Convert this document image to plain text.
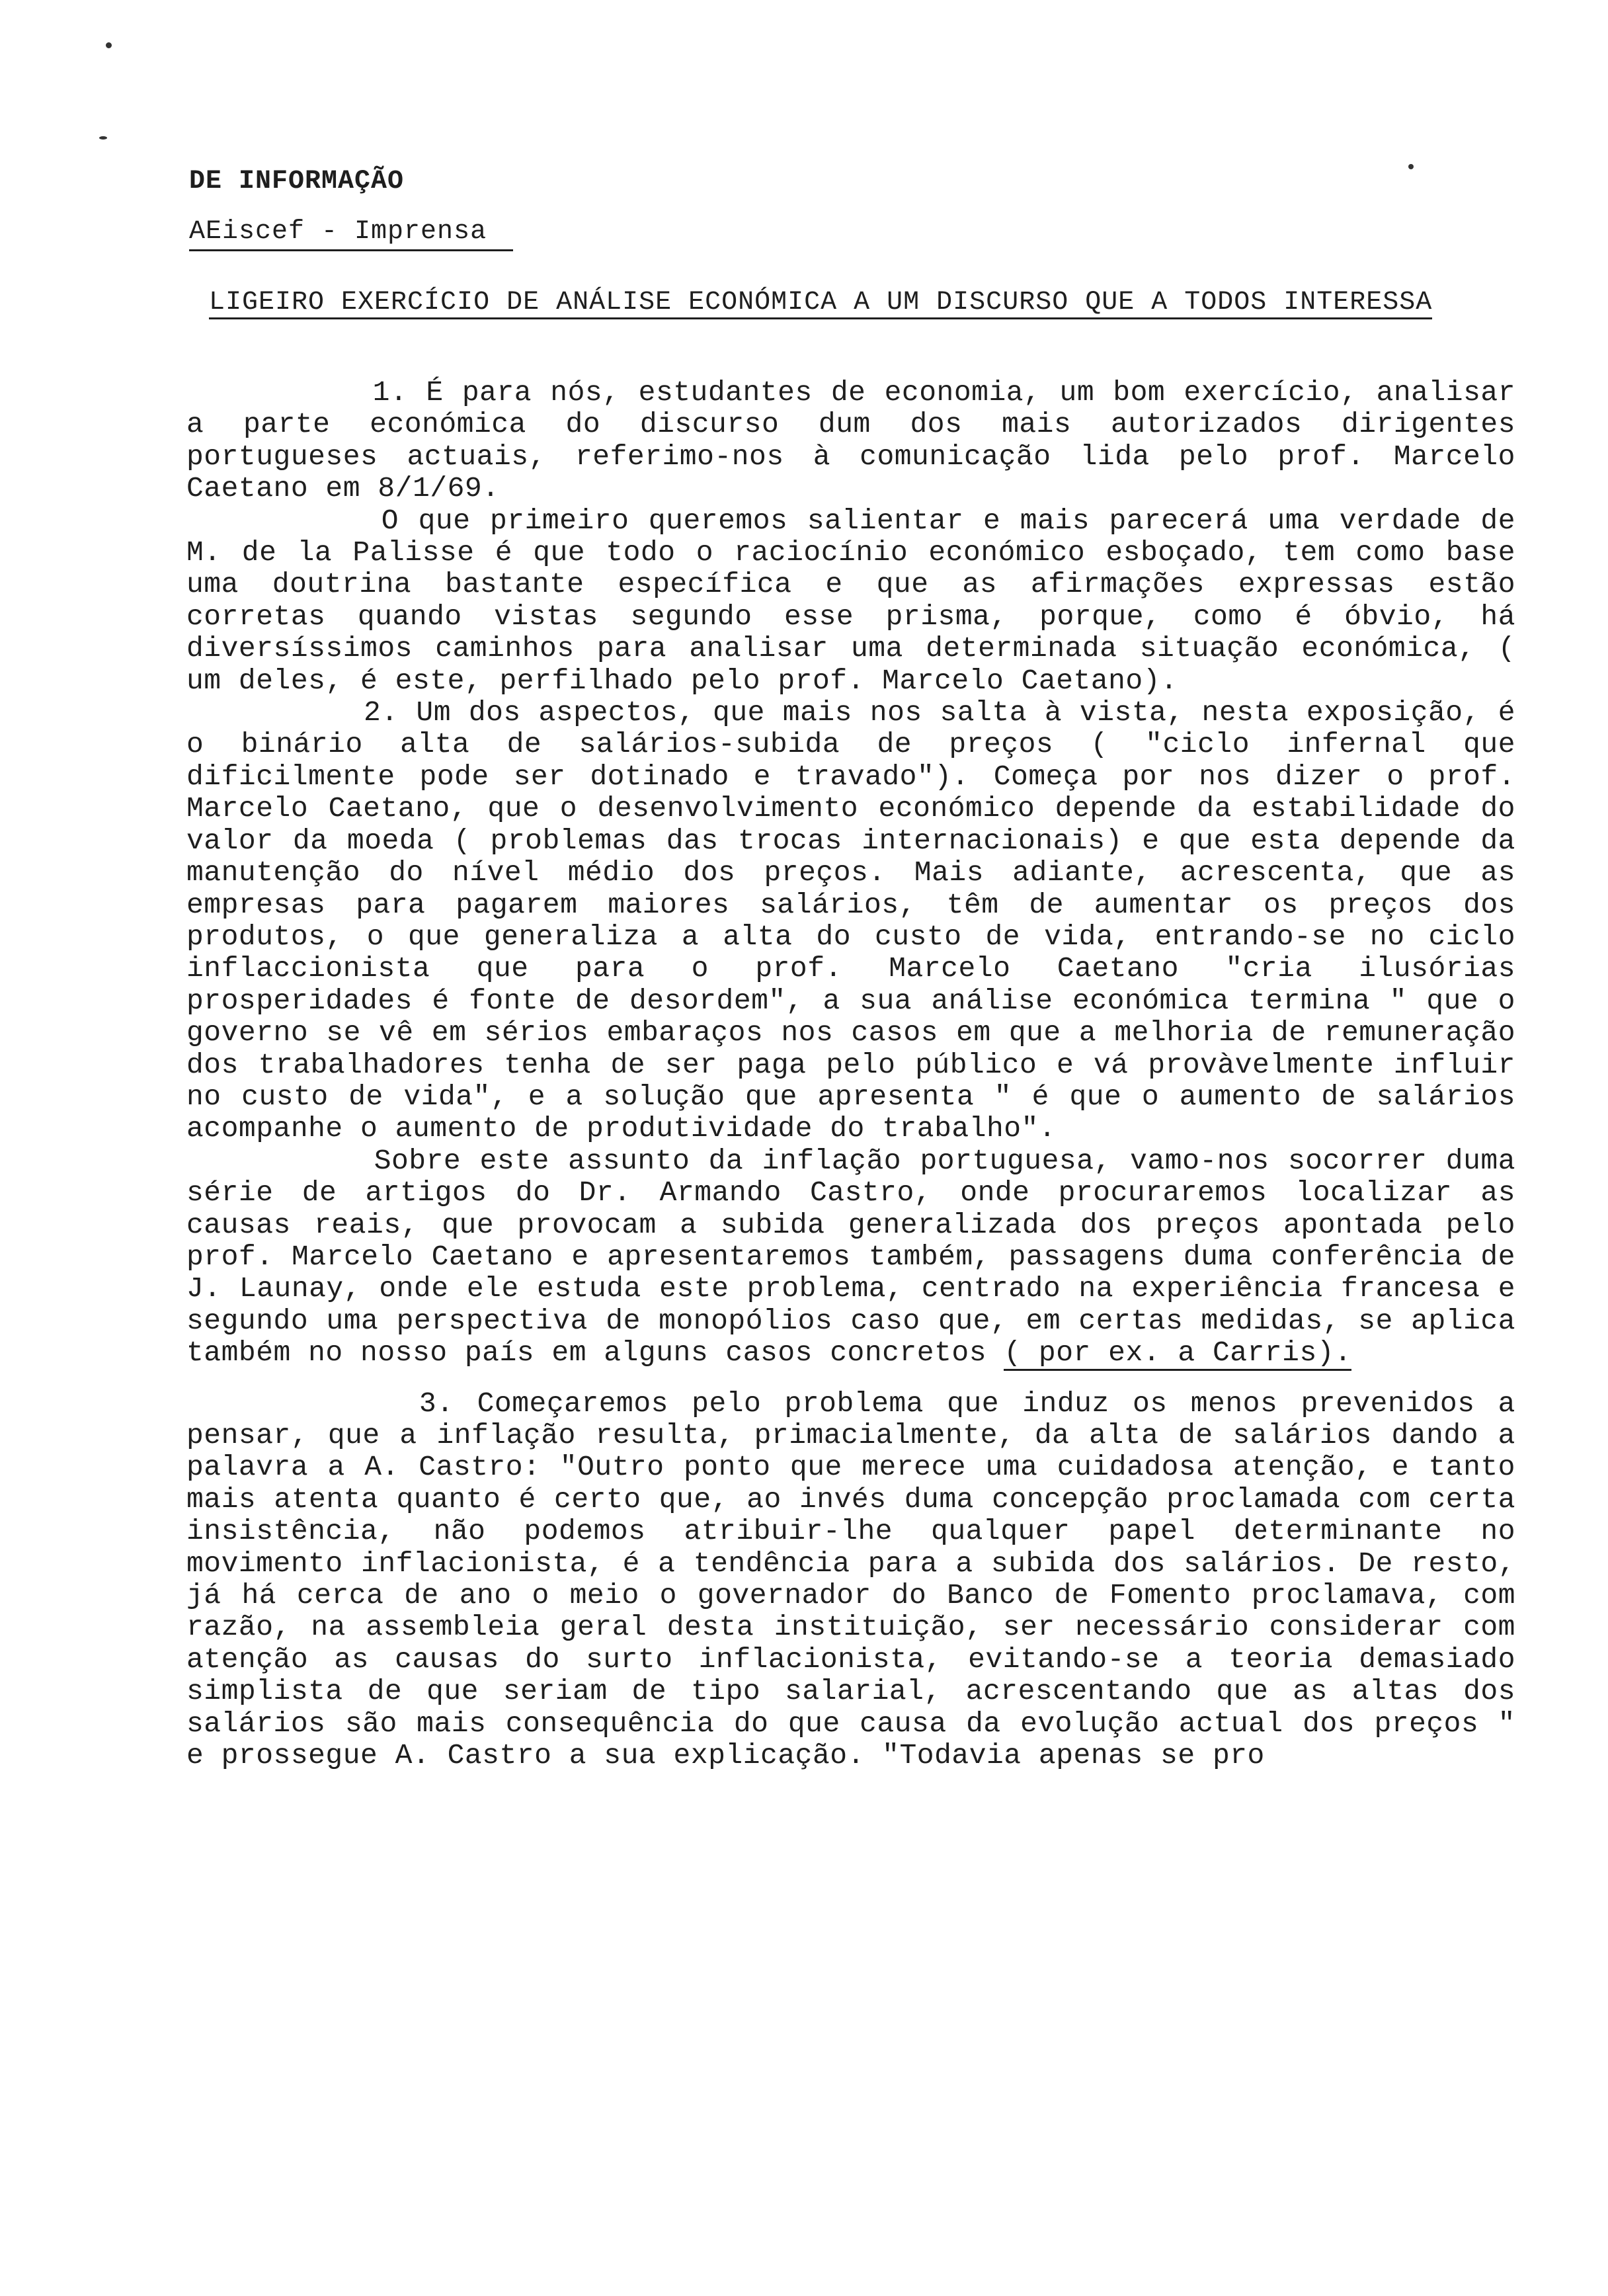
DE INFORMAÇÃO
AEiscef - Imprensa
LIGEIRO EXERCÍCIO DE ANÁLISE ECONÓMICA A UM DISCURSO QUE A TODOS INTERESSA

1. É para nós, estudantes de economia, um bom exercício, analisar a parte económica do discurso dum dos mais autorizados dirigentes portugueses actuais, referimo-nos à comunicação lida pelo prof. Marcelo Caetano em 8/1/69.

O que primeiro queremos salientar e mais parecerá uma verdade de M. de la Palisse é que todo o raciocínio económico esboçado, tem como base uma doutrina bastante específica e que as afirmações expressas estão corretas quando vistas segundo esse prisma, porque, como é óbvio, há diversíssimos caminhos para analisar uma determinada situação económica, ( um deles, é este, perfilhado pelo prof. Marcelo Caetano).

2. Um dos aspectos, que mais nos salta à vista, nesta exposição, é o binário alta de salários-subida de preços ( "ciclo infernal que dificilmente pode ser dotinado e travado"). Começa por nos dizer o prof. Marcelo Caetano, que o desenvolvimento económico depende da estabilidade do valor da moeda ( problemas das trocas internacionais) e que esta depende da manutenção do nível médio dos preços. Mais adiante, acrescenta, que as empresas para pagarem maiores salários, têm de aumentar os preços dos produtos, o que generaliza a alta do custo de vida, entrando-se no ciclo inflaccionista que para o prof. Marcelo Caetano "cria ilusórias prosperidades é fonte de desordem", a sua análise económica termina " que o governo se vê em sérios embaraços nos casos em que a melhoria de remuneração dos trabalhadores tenha de ser paga pelo público e vá provàvelmente influir no custo de vida", e a solução que apresenta " é que o aumento de salários acompanhe o aumento de produtividade do trabalho".

Sobre este assunto da inflação portuguesa, vamo-nos socorrer duma série de artigos do Dr. Armando Castro, onde procuraremos localizar as causas reais, que provocam a subida generalizada dos preços apontada pelo prof. Marcelo Caetano e apresentaremos também, passagens duma conferência de J. Launay, onde ele estuda este problema, centrado na experiência francesa e segundo uma perspectiva de monopólios caso que, em certas medidas, se aplica também no nosso país em alguns casos concretos ( por ex. a Carris).

3. Começaremos pelo problema que induz os menos prevenidos a pensar, que a inflação resulta, primacialmente, da alta de salários dando a palavra a A. Castro: "Outro ponto que merece uma cuidadosa atenção, e tanto mais atenta quanto é certo que, ao invés duma concepção proclamada com certa insistência, não podemos atribuir-lhe qualquer papel determinante no movimento inflacionista, é a tendência para a subida dos salários. De resto, já há cerca de ano o meio o governador do Banco de Fomento proclamava, com razão, na assembleia geral desta instituição, ser necessário considerar com atenção as causas do surto inflacionista, evitando-se a teoria demasiado simplista de que seriam de tipo salarial, acrescentando que as altas dos salários são mais consequência do que causa da evolução actual dos preços " e prossegue A. Castro a sua explicação. "Todavia apenas se pro
